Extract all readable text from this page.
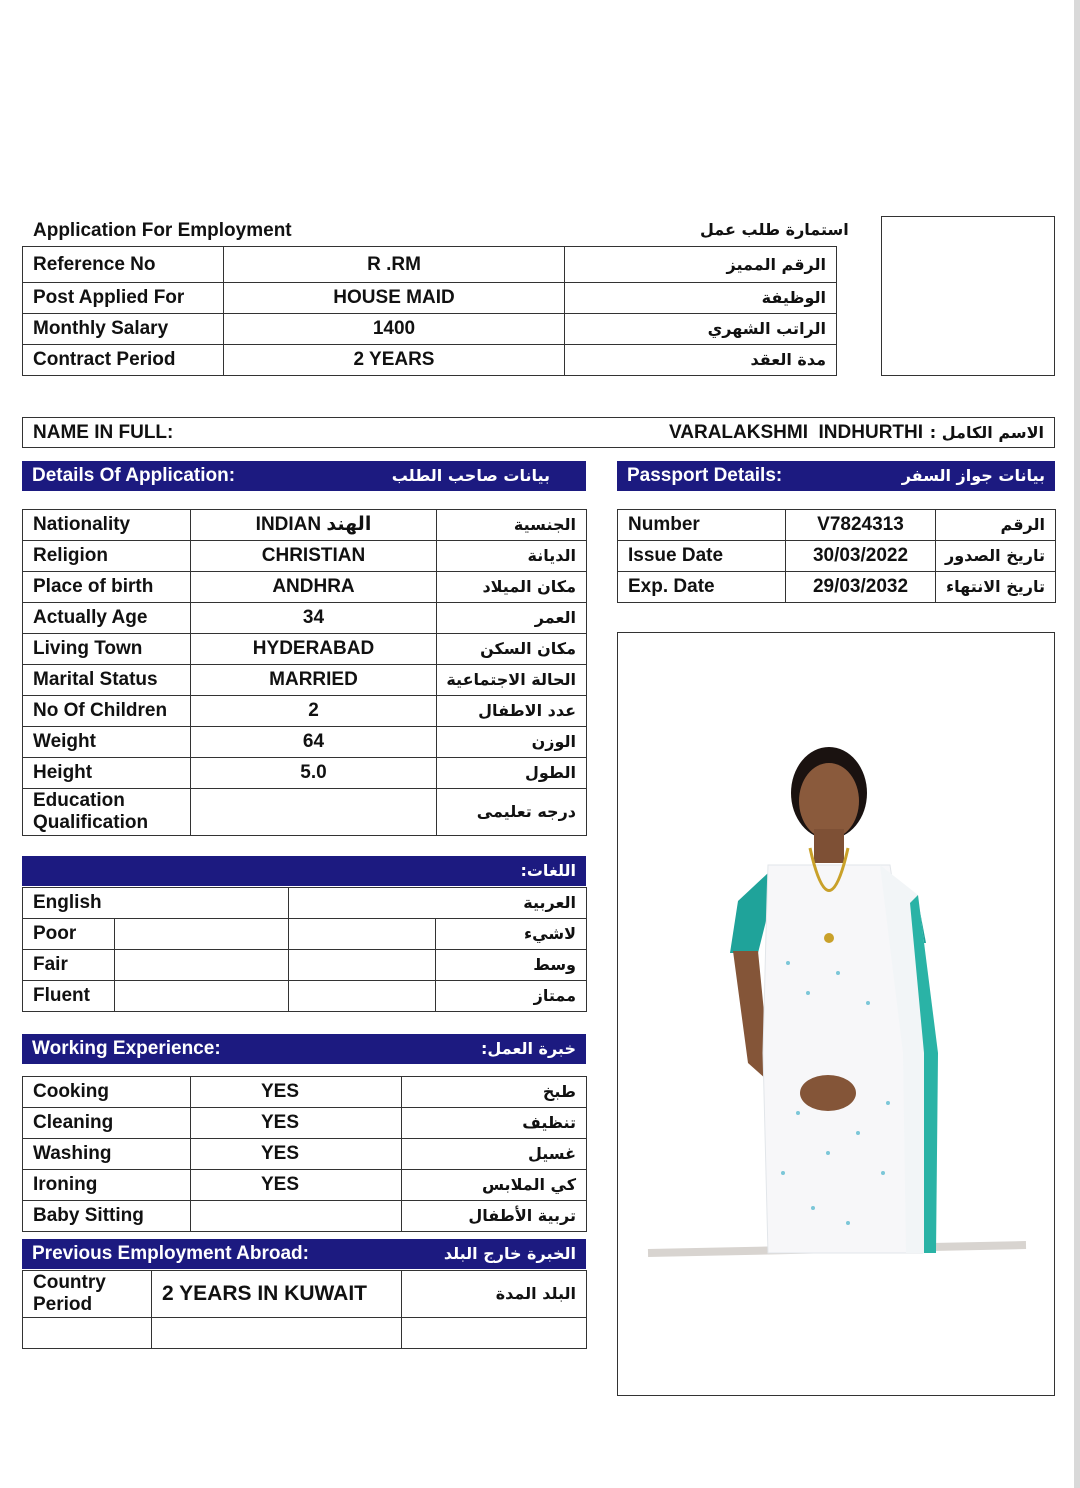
Application For Employment	استمارة طلب عمل
Reference No	R .RM	الرقم المميز
Post Applied For	HOUSE MAID	الوظيفة
Monthly Salary	1400	الراتب الشهري
Contract Period	2 YEARS	مدة العقد
NAME IN FULL:	VARALAKSHMI  INDHURTHI : الاسم الكامل
Details Of Application:	بيانات صاحب الطلب	Passport Details:	بيانات جواز السفر
Nationality	INDIAN الهند	الجنسية
Religion	CHRISTIAN	الديانة
Place of birth	ANDHRA	مكان الميلاد
Actually Age	34	العمر
Living Town	HYDERABAD	مكان السكن
Marital Status	MARRIED	الحالة الاجتماعية
No Of Children	2	عدد الاطفال
Weight	64	الوزن
Height	5.0	الطول

Education
Qualification		درجه تعليمى
Number	V7824313	الرقم
Issue Date	30/03/2022	تاريخ الصدور
Exp. Date	29/03/2032	تاريخ الانتهاء
اللغات:
English		العربية	
Poor			لاشيء
Fair			وسط
Fluent			ممتاز
Working Experience:	خبرة العمل:
Cooking	YES	طبخ
Cleaning	YES	تنظيف
Washing	YES	غسيل
Ironing	YES	كي الملابس
Baby Sitting		تربية الأطفال
Previous Employment Abroad:	الخبرة خارج البلد
Country
Period	2 YEARS IN KUWAIT	البلد المدة
